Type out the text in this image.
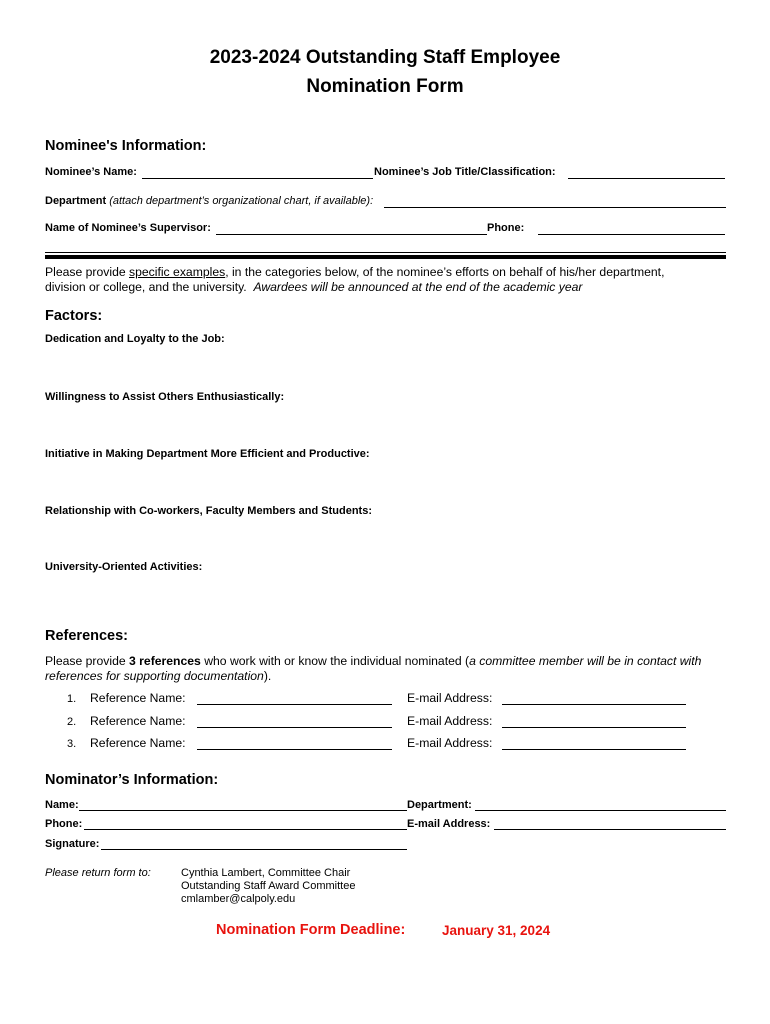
2023-2024 Outstanding Staff Employee
Nomination Form
Nominee's Information:
Nominee’s Name:	Nominee’s Job Title/Classification:
Department (attach department’s organizational chart, if available):
Name of Nominee’s Supervisor:	Phone:
Please provide specific examples, in the categories below, of the nominee’s efforts on behalf of his/her department,
division or college, and the university. Awardees will be announced at the end of the academic year
Factors:
Dedication and Loyalty to the Job:
Willingness to Assist Others Enthusiastically:
Initiative in Making Department More Efficient and Productive:
Relationship with Co-workers, Faculty Members and Students:
University-Oriented Activities:
References:
Please provide 3 references who work with or know the individual nominated (a committee member will be in contact with
references for supporting documentation).
1. Reference Name:	E-mail Address:
2. Reference Name:	E-mail Address:
3. Reference Name:	E-mail Address:
Nominator’s Information:
Name:	Department:
Phone:	E-mail Address:
Signature:
Please return form to:	Cynthia Lambert, Committee Chair
Outstanding Staff Award Committee
cmlamber@calpoly.edu
Nomination Form Deadline:	January 31, 2024
